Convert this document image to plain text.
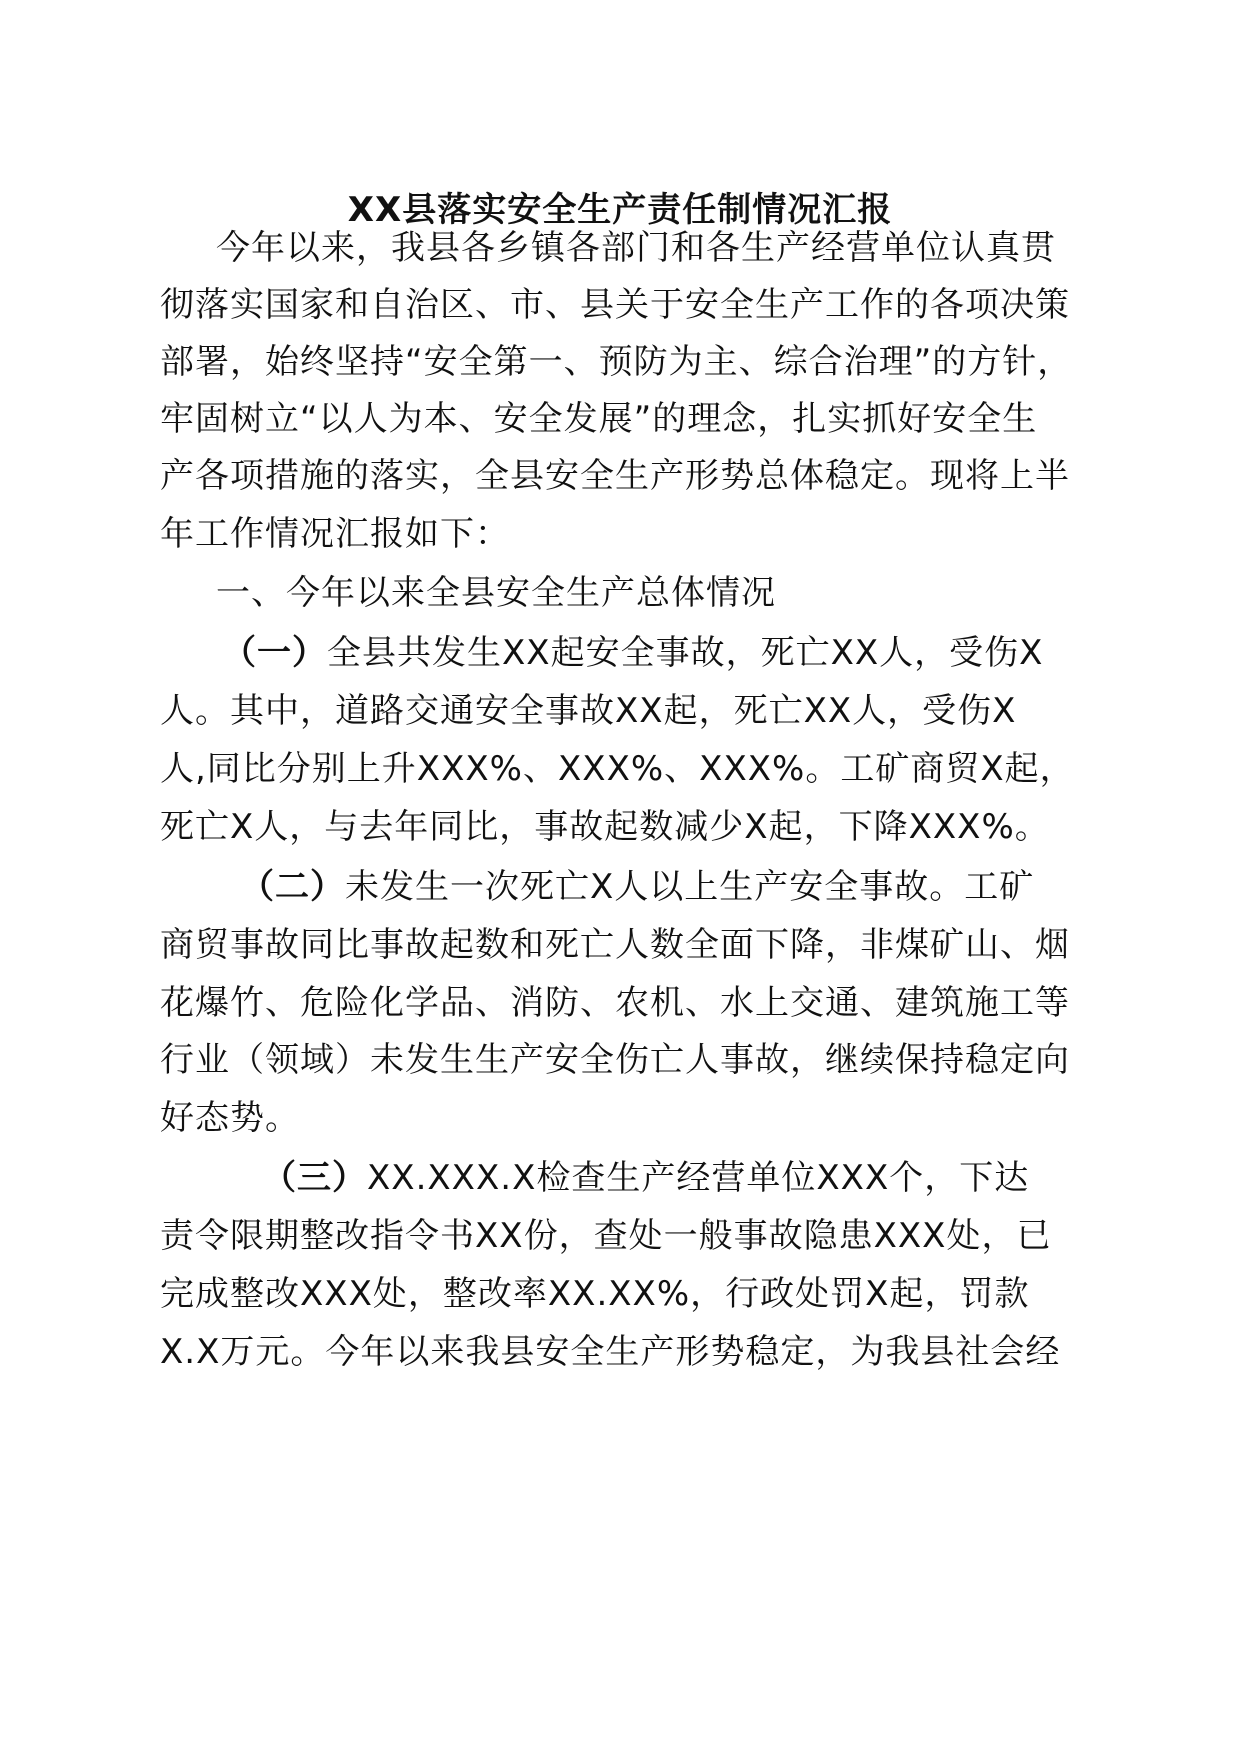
XX县落实安全生产责任制情况汇报
今年以来，我县各乡镇各部门和各生产经营单位认真贯
彻落实国家和自治区、市、县关于安全生产工作的各项决策
部署，始终坚持“安全第一、预防为主、综合治理”的方针，
牢固树立“以人为本、安全发展”的理念，扎实抓好安全生
产各项措施的落实，全县安全生产形势总体稳定。现将上半
年工作情况汇报如下：
一、今年以来全县安全生产总体情况
（一）全县共发生XX起安全事故，死亡XX人，受伤X
人。其中，道路交通安全事故XX起，死亡XX人，受伤X
人,同比分别上升XXX%、XXX%、XXX%。工矿商贸X起，
死亡X人，与去年同比，事故起数减少X起，下降XXX%。
（二）未发生一次死亡X人以上生产安全事故。工矿
商贸事故同比事故起数和死亡人数全面下降，非煤矿山、烟
花爆竹、危险化学品、消防、农机、水上交通、建筑施工等
行业（领域）未发生生产安全伤亡人事故，继续保持稳定向
好态势。
（三）XX.XXX.X检查生产经营单位XXX个，下达
责令限期整改指令书XX份，查处一般事故隐患XXX处，已
完成整改XXX处，整改率XX.XX%，行政处罚X起，罚款
X.X万元。今年以来我县安全生产形势稳定，为我县社会经
